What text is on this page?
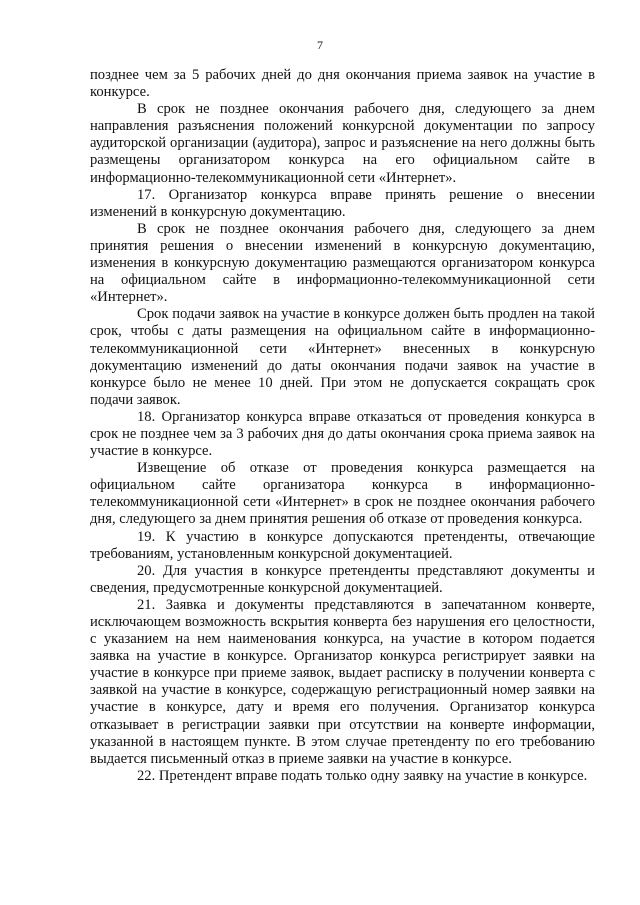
7

позднее чем за 5 рабочих дней до дня окончания приема заявок на участие в конкурсе.

В срок не позднее окончания рабочего дня, следующего за днем направления разъяснения положений конкурсной документации по запросу аудиторской организации (аудитора), запрос и разъяснение на него должны быть размещены организатором конкурса на его официальном сайте в информационно-телекоммуникационной сети «Интернет».

17. Организатор конкурса вправе принять решение о внесении изменений в конкурсную документацию.

В срок не позднее окончания рабочего дня, следующего за днем принятия решения о внесении изменений в конкурсную документацию, изменения в конкурсную документацию размещаются организатором конкурса на официальном сайте в информационно-телекоммуникационной сети «Интернет».

Срок подачи заявок на участие в конкурсе должен быть продлен на такой срок, чтобы с даты размещения на официальном сайте в информационно-телекоммуникационной сети «Интернет» внесенных в конкурсную документацию изменений до даты окончания подачи заявок на участие в конкурсе было не менее 10 дней. При этом не допускается сокращать срок подачи заявок.

18. Организатор конкурса вправе отказаться от проведения конкурса в срок не позднее чем за 3 рабочих дня до даты окончания срока приема заявок на участие в конкурсе.

Извещение об отказе от проведения конкурса размещается на официальном сайте организатора конкурса в информационно-телекоммуникационной сети «Интернет» в срок не позднее окончания рабочего дня, следующего за днем принятия решения об отказе от проведения конкурса.

19. К участию в конкурсе допускаются претенденты, отвечающие требованиям, установленным конкурсной документацией.

20. Для участия в конкурсе претенденты представляют документы и сведения, предусмотренные конкурсной документацией.

21. Заявка и документы представляются в запечатанном конверте, исключающем возможность вскрытия конверта без нарушения его целостности, с указанием на нем наименования конкурса, на участие в котором подается заявка на участие в конкурсе. Организатор конкурса регистрирует заявки на участие в конкурсе при приеме заявок, выдает расписку в получении конверта с заявкой на участие в конкурсе, содержащую регистрационный номер заявки на участие в конкурсе, дату и время его получения. Организатор конкурса отказывает в регистрации заявки при отсутствии на конверте информации, указанной в настоящем пункте. В этом случае претенденту по его требованию выдается письменный отказ в приеме заявки на участие в конкурсе.

22. Претендент вправе подать только одну заявку на участие в конкурсе.
